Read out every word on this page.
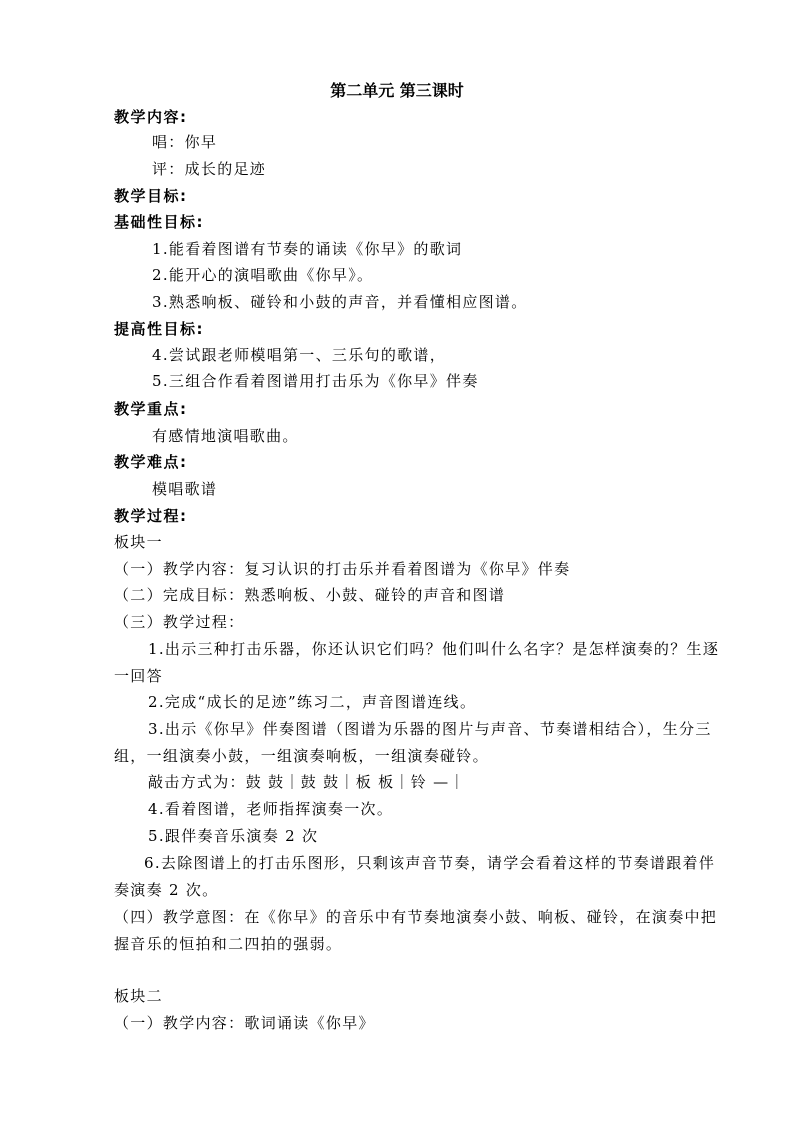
第二单元 第三课时
教学内容:
唱：你早
评：成长的足迹
教学目标:
基础性目标:
1.能看着图谱有节奏的诵读《你早》的歌词
2.能开心的演唱歌曲《你早》。
3.熟悉响板、碰铃和小鼓的声音，并看懂相应图谱。
提高性目标:
4.尝试跟老师模唱第一、三乐句的歌谱，
5.三组合作看着图谱用打击乐为《你早》伴奏
教学重点:
有感情地演唱歌曲。
教学难点:
模唱歌谱
教学过程:
板块一
（一）教学内容：复习认识的打击乐并看着图谱为《你早》伴奏
（二）完成目标：熟悉响板、小鼓、碰铃的声音和图谱
（三）教学过程：
1.出示三种打击乐器，你还认识它们吗？他们叫什么名字？是怎样演奏的？生逐一回答
2.完成“成长的足迹”练习二，声音图谱连线。
3.出示《你早》伴奏图谱（图谱为乐器的图片与声音、节奏谱相结合），生分三组，一组演奏小鼓，一组演奏响板，一组演奏碰铃。
敲击方式为：鼓 鼓｜鼓 鼓｜板 板｜铃 —｜
4.看着图谱，老师指挥演奏一次。
5.跟伴奏音乐演奏 2 次
6.去除图谱上的打击乐图形，只剩该声音节奏，请学会看着这样的节奏谱跟着伴奏演奏 2 次。
（四）教学意图：在《你早》的音乐中有节奏地演奏小鼓、响板、碰铃，在演奏中把握音乐的恒拍和二四拍的强弱。
板块二
（一）教学内容：歌词诵读《你早》
